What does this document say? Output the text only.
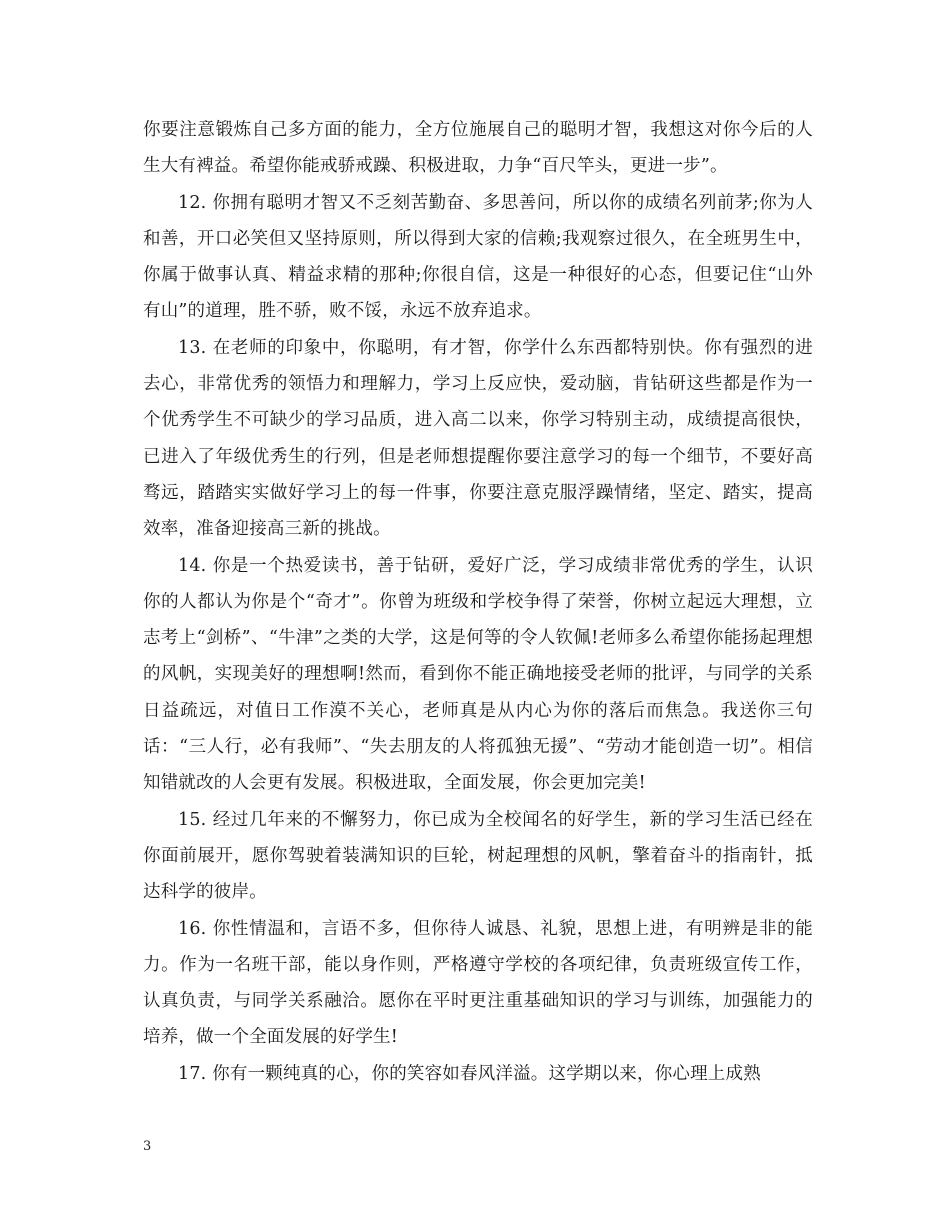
你要注意锻炼自己多方面的能力，全方位施展自己的聪明才智，我想这对你今后的人生大有裨益。希望你能戒骄戒躁、积极进取，力争“百尺竿头，更进一步”。

12. 你拥有聪明才智又不乏刻苦勤奋、多思善问，所以你的成绩名列前茅;你为人和善，开口必笑但又坚持原则，所以得到大家的信赖;我观察过很久，在全班男生中，你属于做事认真、精益求精的那种;你很自信，这是一种很好的心态，但要记住“山外有山”的道理，胜不骄，败不馁，永远不放弃追求。

13. 在老师的印象中，你聪明，有才智，你学什么东西都特别快。你有强烈的进去心，非常优秀的领悟力和理解力，学习上反应快，爱动脑，肯钻研这些都是作为一个优秀学生不可缺少的学习品质，进入高二以来，你学习特别主动，成绩提高很快，已进入了年级优秀生的行列，但是老师想提醒你要注意学习的每一个细节，不要好高骛远，踏踏实实做好学习上的每一件事，你要注意克服浮躁情绪，坚定、踏实，提高效率，准备迎接高三新的挑战。

14. 你是一个热爱读书，善于钻研，爱好广泛，学习成绩非常优秀的学生，认识你的人都认为你是个“奇才”。你曾为班级和学校争得了荣誉，你树立起远大理想，立志考上“剑桥”、“牛津”之类的大学，这是何等的令人钦佩!老师多么希望你能扬起理想的风帆，实现美好的理想啊!然而，看到你不能正确地接受老师的批评，与同学的关系日益疏远，对值日工作漠不关心，老师真是从内心为你的落后而焦急。我送你三句话：“三人行，必有我师”、“失去朋友的人将孤独无援”、“劳动才能创造一切”。相信知错就改的人会更有发展。积极进取，全面发展，你会更加完美!

15. 经过几年来的不懈努力，你已成为全校闻名的好学生，新的学习生活已经在你面前展开，愿你驾驶着装满知识的巨轮，树起理想的风帆，擎着奋斗的指南针，抵达科学的彼岸。

16. 你性情温和，言语不多，但你待人诚恳、礼貌，思想上进，有明辨是非的能力。作为一名班干部，能以身作则，严格遵守学校的各项纪律，负责班级宣传工作，认真负责，与同学关系融洽。愿你在平时更注重基础知识的学习与训练，加强能力的培养，做一个全面发展的好学生!

17. 你有一颗纯真的心，你的笑容如春风洋溢。这学期以来，你心理上成熟

3
